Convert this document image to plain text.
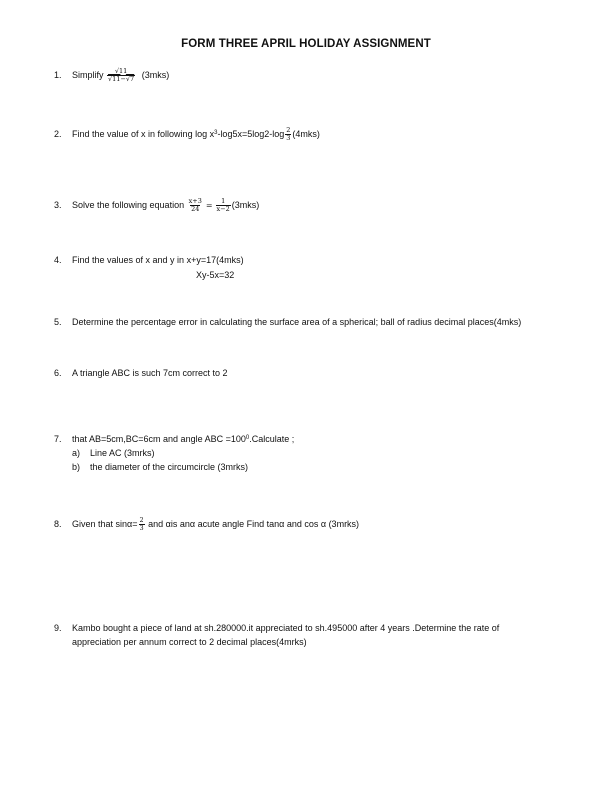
FORM THREE APRIL HOLIDAY ASSIGNMENT
1. Simplify $\frac{√11}{√11-√7} (3mks)$
2. Find the value of x in following $\log x^3-\log 5x=5\log 2-\log \frac{2}{3} (4mks)$
3. Solve the following equation $\frac{x+3}{24} = \frac{1}{x-2} (3mks)$
4. Find the values of x and y in x+y=17(4mks)
Xy-5x=32
5. Determine the percentage error in calculating the surface area of a spherical; ball of radius decimal places(4mks)
6. A triangle ABC is such 7cm correct to 2
7. that AB=5cm,BC=6cm and angle ABC $=100^0.Calculate$ ;
a) Line AC (3mrks)
b) the diameter of the circumcircle (3mrks)
8. Given that $\sin\alpha= \frac{2}{3}$ and αis anα acute angle Find tanα and cos α (3mrks)
9. Kambo bought a piece of land at sh.280000.it appreciated to sh.495000 after 4 years .Determine the rate of
appreciation per annum correct to 2 decimal places(4mrks)
